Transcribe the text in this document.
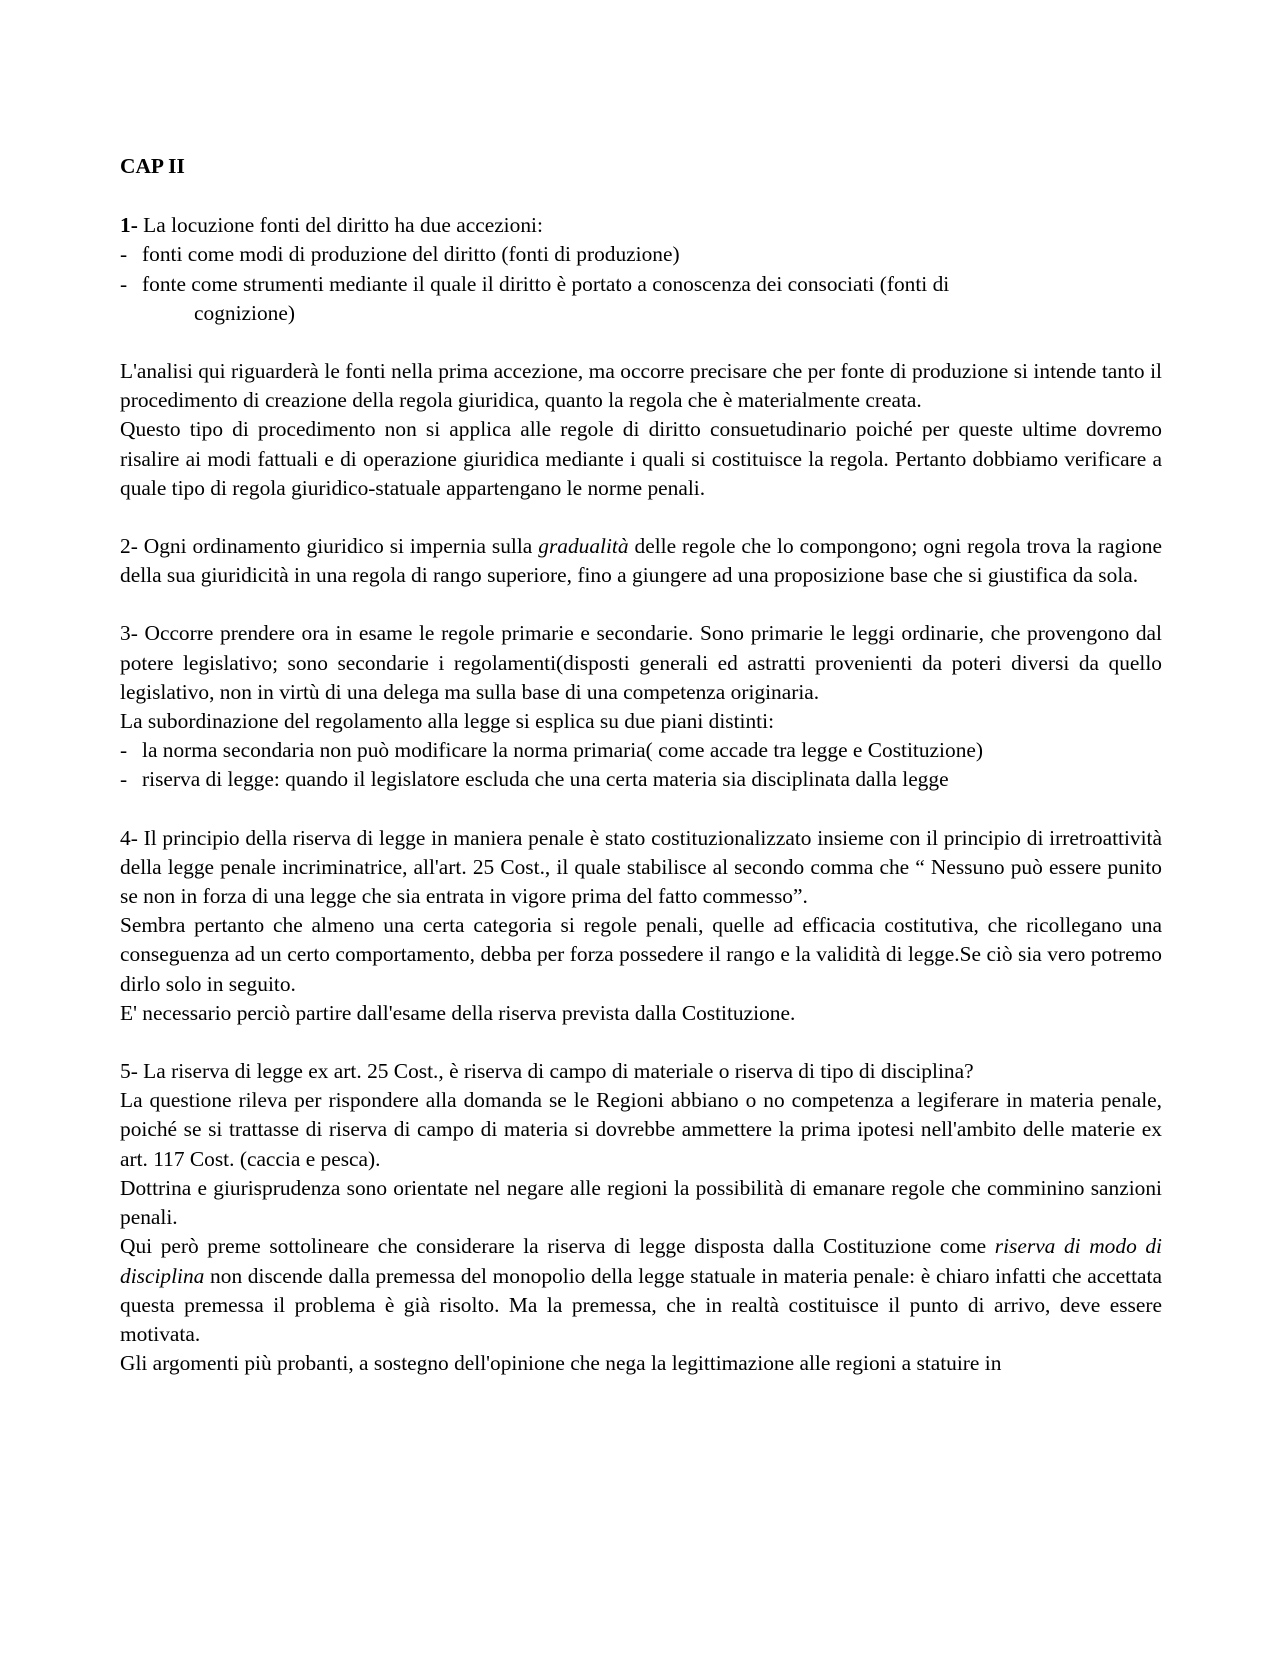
CAP II

1- La locuzione fonti del diritto ha due accezioni:

- fonti come modi di produzione del diritto (fonti di produzione)
- fonte come strumenti mediante il quale il diritto è portato a conoscenza dei consociati (fonti di
cognizione)

L'analisi qui riguarderà le fonti nella prima accezione, ma occorre precisare che per fonte di produzione si intende tanto il procedimento di creazione della regola giuridica, quanto la regola che è materialmente creata.

Questo tipo di procedimento non si applica alle regole di diritto consuetudinario poiché per queste ultime dovremo risalire ai modi fattuali e di operazione giuridica mediante i quali si costituisce la regola. Pertanto dobbiamo verificare a quale tipo di regola giuridico-statuale appartengano le norme penali.

2- Ogni ordinamento giuridico si impernia sulla gradualità delle regole che lo compongono; ogni regola trova la ragione della sua giuridicità in una regola di rango superiore, fino a giungere ad una proposizione base che si giustifica da sola.

3- Occorre prendere ora in esame le regole primarie e secondarie. Sono primarie le leggi ordinarie, che provengono dal potere legislativo; sono secondarie i regolamenti(disposti generali ed astratti provenienti da poteri diversi da quello legislativo, non in virtù di una delega ma sulla base di una competenza originaria.

La subordinazione del regolamento alla legge si esplica su due piani distinti:

- la norma secondaria non può modificare la norma primaria( come accade tra legge e Costituzione)
- riserva di legge: quando il legislatore escluda che una certa materia sia disciplinata dalla legge

4- Il principio della riserva di legge in maniera penale è stato costituzionalizzato insieme con il principio di irretroattività della legge penale incriminatrice, all'art. 25 Cost., il quale stabilisce al secondo comma che “ Nessuno può essere punito se non in forza di una legge che sia entrata in vigore prima del fatto commesso”.

Sembra pertanto che almeno una certa categoria si regole penali, quelle ad efficacia costitutiva, che ricollegano una conseguenza ad un certo comportamento, debba per forza possedere il rango e la validità di legge.Se ciò sia vero potremo dirlo solo in seguito.

E' necessario perciò partire dall'esame della riserva prevista dalla Costituzione.

5- La riserva di legge ex art. 25 Cost., è riserva di campo di materiale o riserva di tipo di disciplina?

La questione rileva per rispondere alla domanda se le Regioni abbiano o no competenza a legiferare in materia penale, poiché se si trattasse di riserva di campo di materia si dovrebbe ammettere la prima ipotesi nell'ambito delle materie ex art. 117 Cost. (caccia e pesca).

Dottrina e giurisprudenza sono orientate nel negare alle regioni la possibilità di emanare regole che comminino sanzioni penali.

Qui però preme sottolineare che considerare la riserva di legge disposta dalla Costituzione come riserva di modo di disciplina non discende dalla premessa del monopolio della legge statuale in materia penale: è chiaro infatti che accettata questa premessa il problema è già risolto. Ma la premessa, che in realtà costituisce il punto di arrivo, deve essere motivata.

Gli argomenti più probanti, a sostegno dell'opinione che nega la legittimazione alle regioni a statuire in
